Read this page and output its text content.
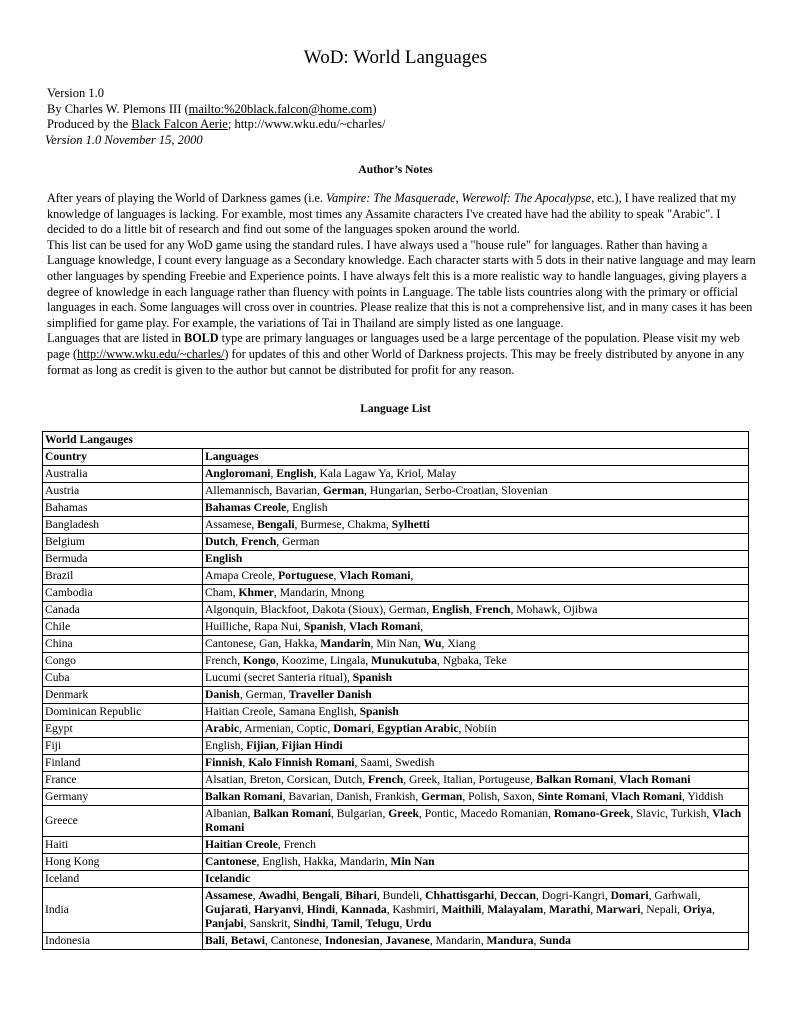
WoD: World Languages
Version 1.0
By Charles W. Plemons III (mailto:%20black.falcon@home.com)
Produced by the Black Falcon Aerie; http://www.wku.edu/~charles/
Version 1.0 November 15, 2000
Author’s Notes

After years of playing the World of Darkness games (i.e. Vampire: The Masquerade, Werewolf: The Apocalypse, etc.), I have realized that my knowledge of languages is lacking. For examble, most times any Assamite characters I've created have had the ability to speak "Arabic". I decided to do a little bit of research and find out some of the languages spoken around the world.

This list can be used for any WoD game using the standard rules. I have always used a "house rule" for languages. Rather than having a Language knowledge, I count every language as a Secondary knowledge. Each character starts with 5 dots in their native language and may learn other languages by spending Freebie and Experience points. I have always felt this is a more realistic way to handle languages, giving players a degree of knowledge in each language rather than fluency with points in Language. The table lists countries along with the primary or official languages in each. Some languages will cross over in countries. Please realize that this is not a comprehensive list, and in many cases it has been simplified for game play. For example, the variations of Tai in Thailand are simply listed as one language.

Languages that are listed in BOLD type are primary languages or languages used be a large percentage of the population. Please visit my web page (http://www.wku.edu/~charles/) for updates of this and other World of Darkness projects. This may be freely distributed by anyone in any format as long as credit is given to the author but cannot be distributed for profit for any reason.

Language List
World Langauges	
Country	Languages
Australia	Angloromani, English, Kala Lagaw Ya, Kriol, Malay
Austria	Allemannisch, Bavarian, German, Hungarian, Serbo-Croatian, Slovenian
Bahamas	Bahamas Creole, English
Bangladesh	Assamese, Bengali, Burmese, Chakma, Sylhetti
Belgium	Dutch, French, German
Bermuda	English
Brazil	Amapa Creole, Portuguese, Vlach Romani,
Cambodia	Cham, Khmer, Mandarin, Mnong
Canada	Algonquin, Blackfoot, Dakota (Sioux), German, English, French, Mohawk, Ojibwa
Chile	Huilliche, Rapa Nui, Spanish, Vlach Romani,
China	Cantonese, Gan, Hakka, Mandarin, Min Nan, Wu, Xiang
Congo	French, Kongo, Koozime, Lingala, Munukutuba, Ngbaka, Teke
Cuba	Lucumi (secret Santeria ritual), Spanish
Denmark	Danish, German, Traveller Danish
Dominican Republic	Haitian Creole, Samana English, Spanish
Egypt	Arabic, Armenian, Coptic, Domari, Egyptian Arabic, Nobiin
Fiji	English, Fijian, Fijian Hindi
Finland	Finnish, Kalo Finnish Romani, Saami, Swedish
France	Alsatian, Breton, Corsican, Dutch, French, Greek, Italian, Portugeuse, Balkan Romani, Vlach Romani
Germany	Balkan Romani, Bavarian, Danish, Frankish, German, Polish, Saxon, Sinte Romani, Vlach Romani, Yiddish
Greece	Albanian, Balkan Romani, Bulgarian, Greek, Pontic, Macedo Romanian, Romano-Greek, Slavic, Turkish, Vlach Romani
Haiti	Haitian Creole, French
Hong Kong	Cantonese, English, Hakka, Mandarin, Min Nan
Iceland	Icelandic
India	Assamese, Awadhi, Bengali, Bihari, Bundeli, Chhattisgarhi, Deccan, Dogri-Kangri, Domari, Garhwali, Gujarati, Haryanvi, Hindi, Kannada, Kashmiri, Maithili, Malayalam, Marathi, Marwari, Nepali, Oriya, Panjabi, Sanskrit, Sindhi, Tamil, Telugu, Urdu
Indonesia	Bali, Betawi, Cantonese, Indonesian, Javanese, Mandarin, Mandura, Sunda
